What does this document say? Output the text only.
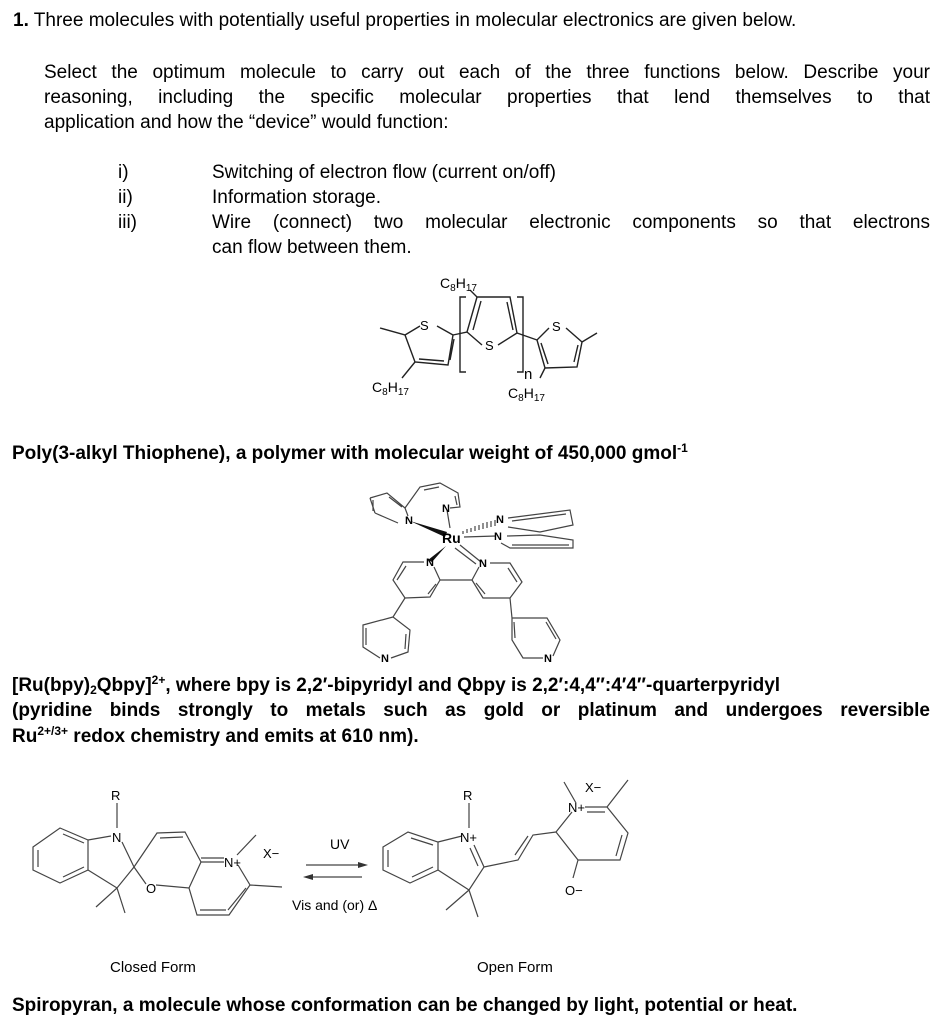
1. Three molecules with potentially useful properties in molecular electronics are given below.
Select the optimum molecule to carry out each of the three functions below. Describe your
reasoning, including the specific molecular properties that lend themselves to that
application and how the “device” would function:
i)	Switching of electron flow (current on/off)
ii)	Information storage.
iii)	Wire (connect) two molecular electronic components so that electrons
can flow between them.
Poly(3-alkyl Thiophene), a polymer with molecular weight of 450,000 gmol$^{-1}$
$[Ru(bpy)_2Qbpy]^{2+}$, where bpy is 2,2′-bipyridyl and Qbpy is 2,2′:4,4″:4′4″-quarterpyridyl
(pyridine binds strongly to metals such as gold or platinum and undergoes reversible
$Ru^{2+/3+}$ redox chemistry and emits at 610 nm).
Spiropyran, a molecule whose conformation can be changed by light, potential or heat.
S
S
S
n
$C_8H_{17}$
$C_8H_{17}$	$C_8H_{17}$
Ru
N
N
N
N
N	N
N	N
R
N
O
N+
X−
UV
Vis and (or) Δ
R
N+
N+
X−
O−
Closed Form	Open Form
